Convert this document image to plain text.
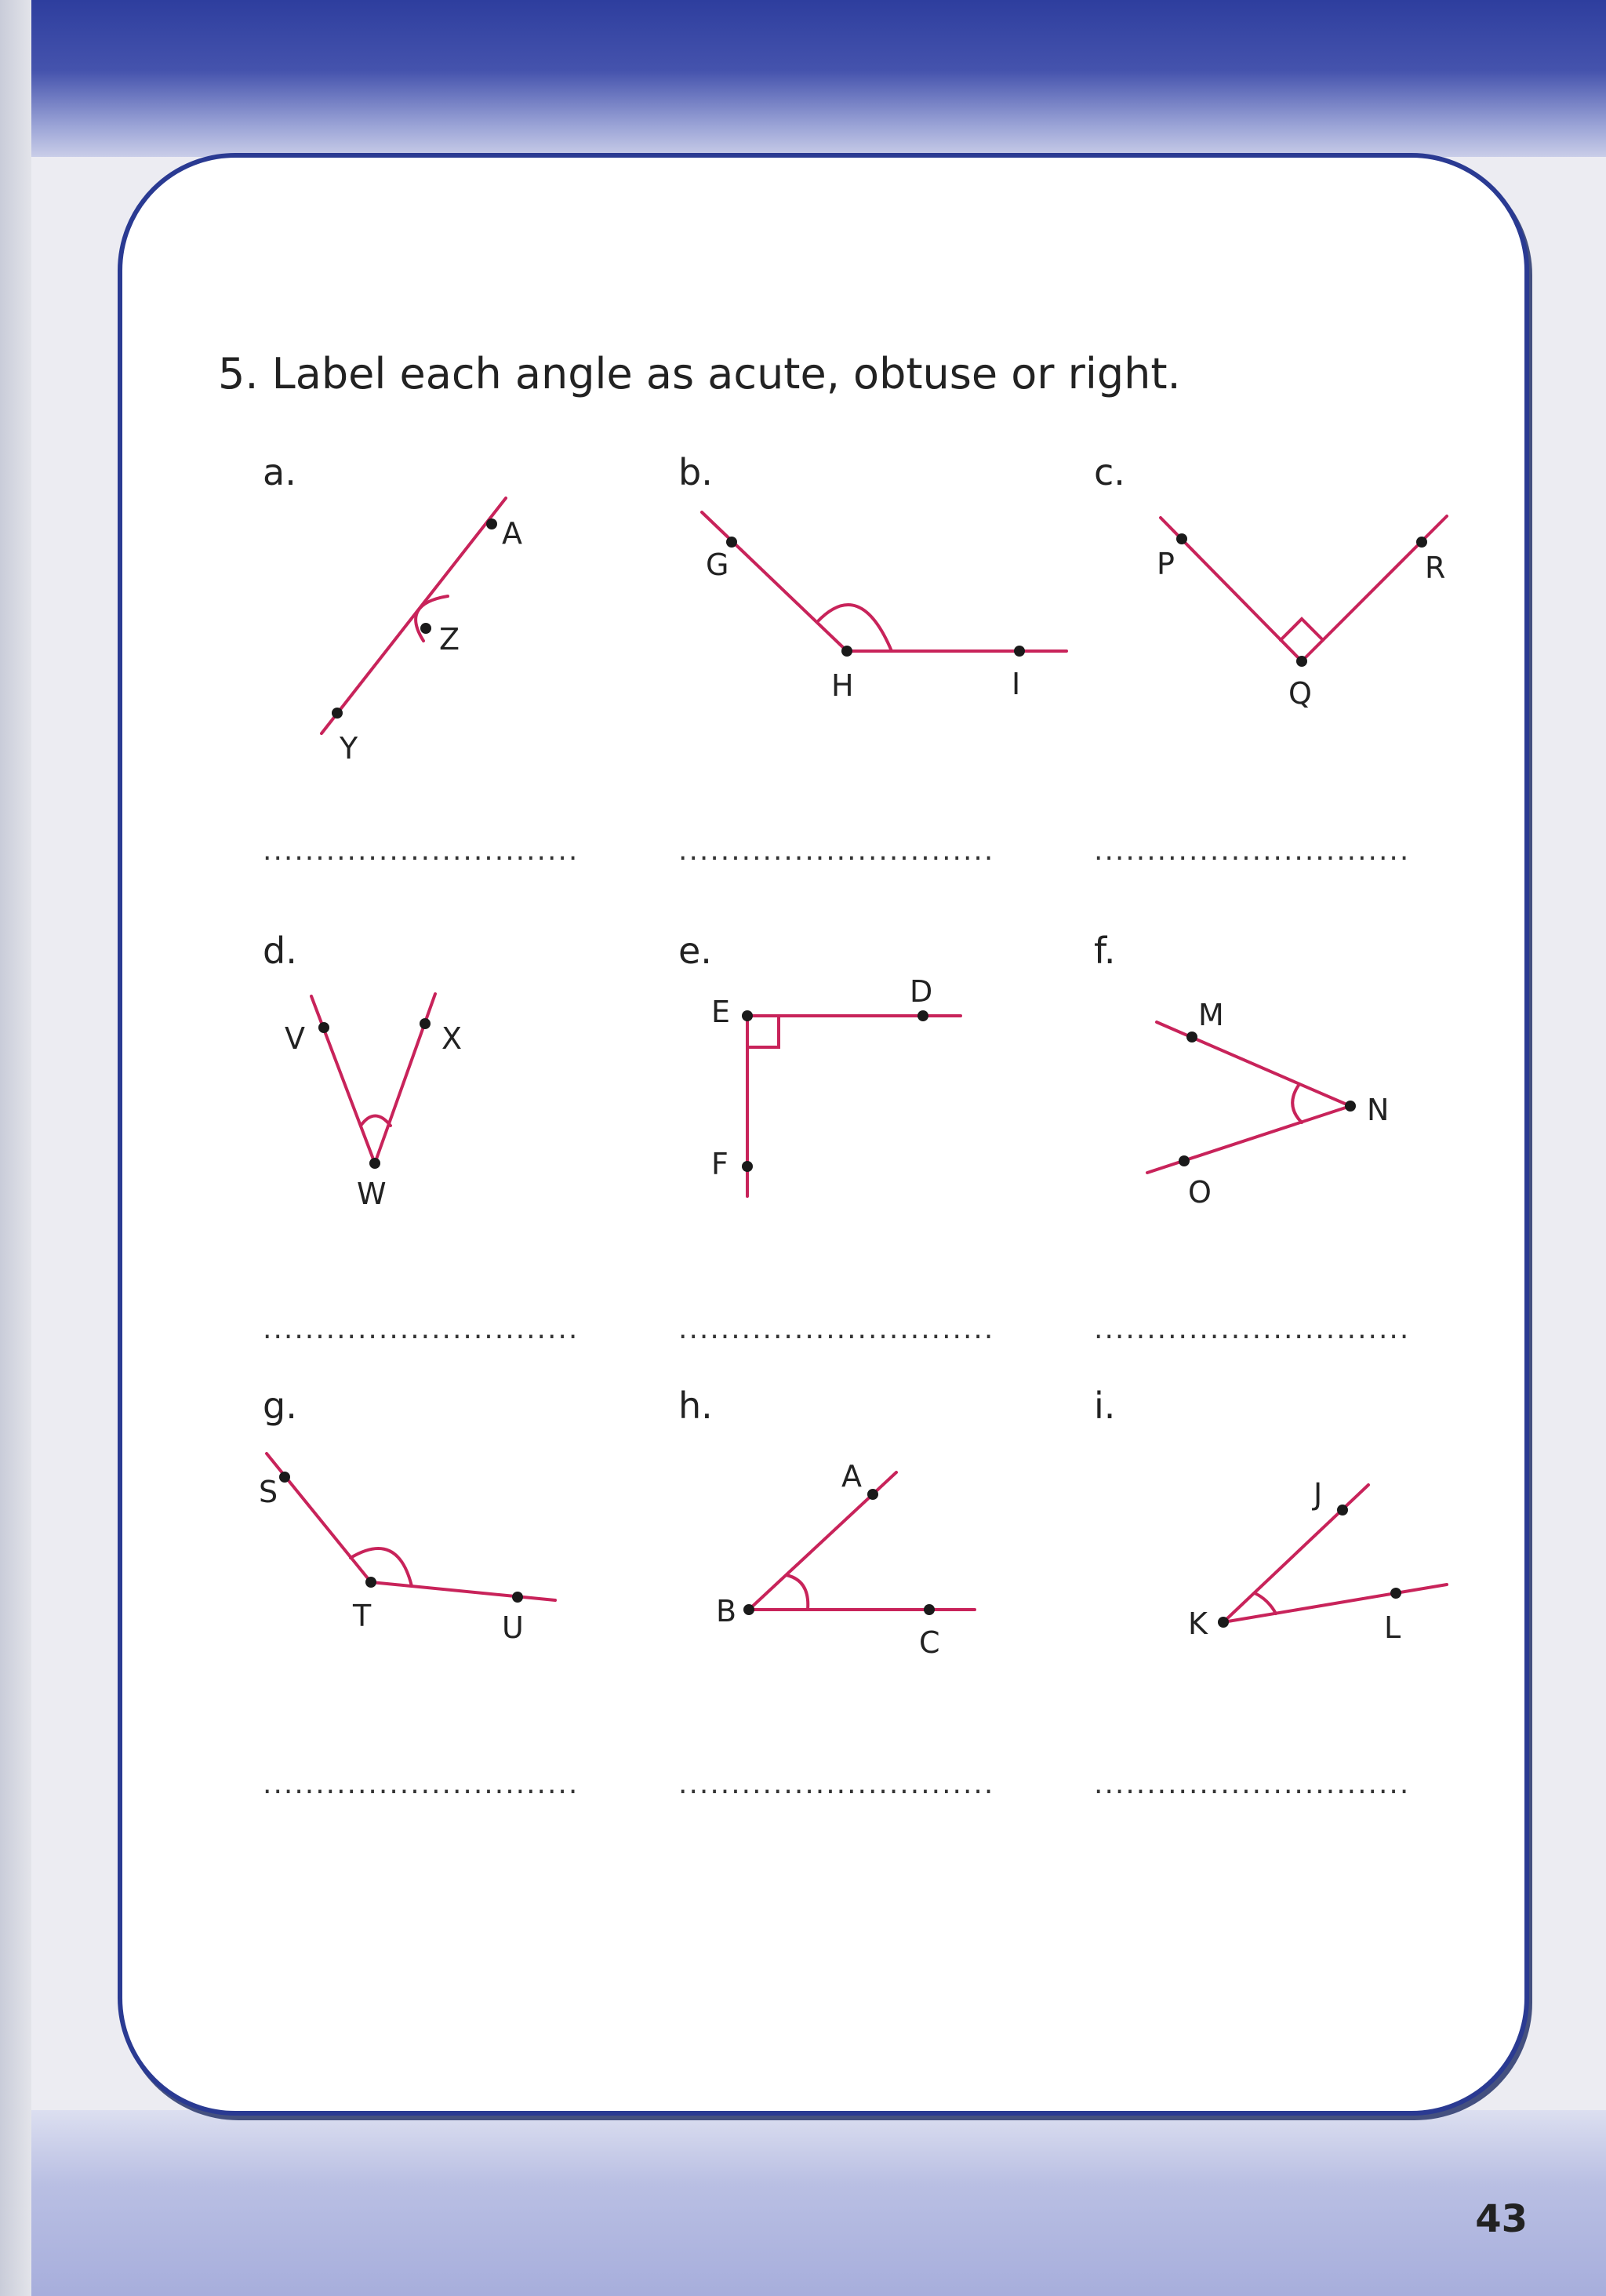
5. Label each angle as acute, obtuse or right.
a.
A
Z
Y
..............................
b.
G
H	I
..............................
c.
P
Q
R
..............................
d.
V
W
X
..............................
e.
E
D
F
..............................
f.
M
N
O
..............................
g.
S
T	U
..............................
h.
A
B
C
..............................
i.
J
K	L
..............................
43
